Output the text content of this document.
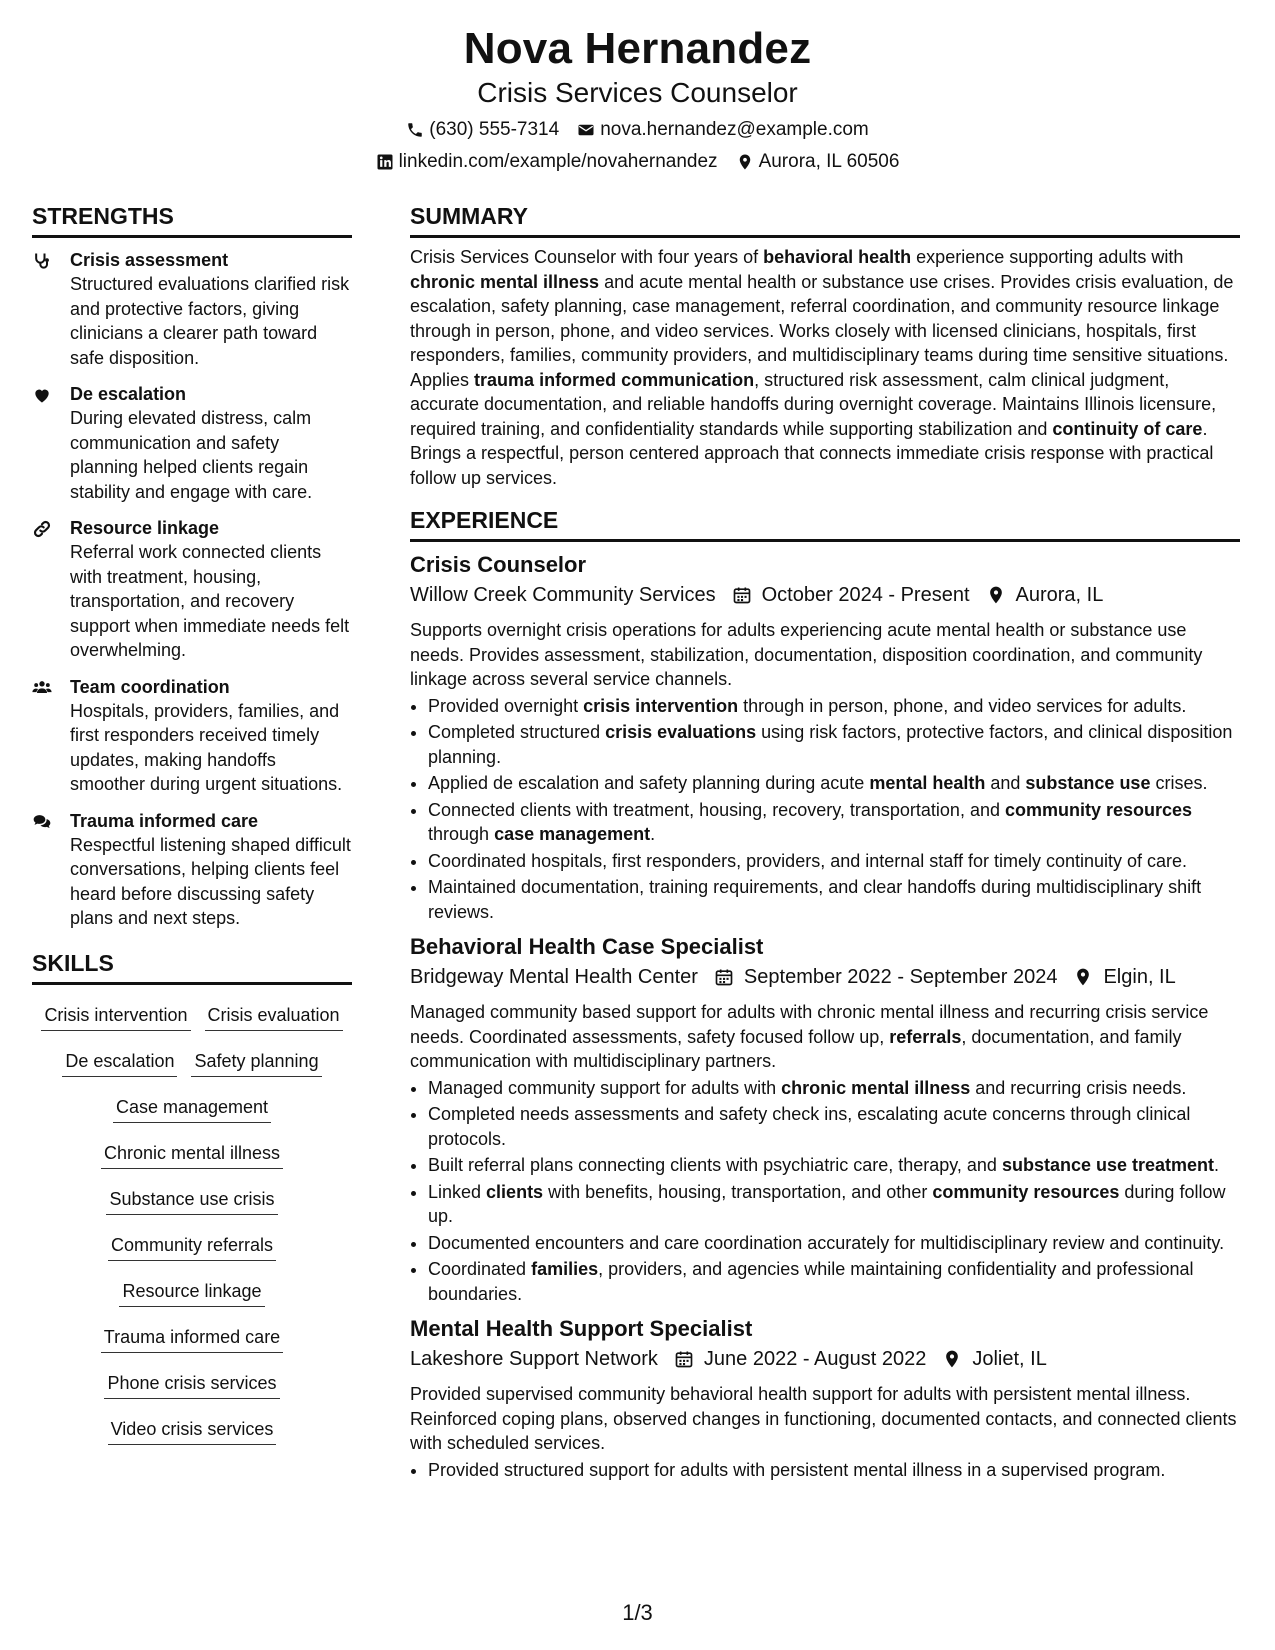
Nova Hernandez
Crisis Services Counselor
(630) 555-7314 nova.hernandez@example.com
linkedin.com/example/novahernandez Aurora, IL 60506
STRENGTHS
Crisis assessment
Structured evaluations clarified risk and protective factors, giving clinicians a clearer path toward safe disposition.
De escalation
During elevated distress, calm communication and safety planning helped clients regain stability and engage with care.
Resource linkage
Referral work connected clients with treatment, housing, transportation, and recovery support when immediate needs felt overwhelming.
Team coordination
Hospitals, providers, families, and first responders received timely updates, making handoffs smoother during urgent situations.
Trauma informed care
Respectful listening shaped difficult conversations, helping clients feel heard before discussing safety plans and next steps.
SKILLS
Crisis intervention Crisis evaluation
De escalation Safety planning
Case management
Chronic mental illness
Substance use crisis
Community referrals
Resource linkage
Trauma informed care
Phone crisis services
Video crisis services
SUMMARY

Crisis Services Counselor with four years of behavioral health experience supporting adults with chronic mental illness and acute mental health or substance use crises. Provides crisis evaluation, de escalation, safety planning, case management, referral coordination, and community resource linkage through in person, phone, and video services. Works closely with licensed clinicians, hospitals, first responders, families, community providers, and multidisciplinary teams during time sensitive situations. Applies trauma informed communication, structured risk assessment, calm clinical judgment, accurate documentation, and reliable handoffs during overnight coverage. Maintains Illinois licensure, required training, and confidentiality standards while supporting stabilization and continuity of care. Brings a respectful, person centered approach that connects immediate crisis response with practical follow up services.

EXPERIENCE
Crisis Counselor
Willow Creek Community Services October 2024 - Present Aurora, IL
Supports overnight crisis operations for adults experiencing acute mental health or substance use needs. Provides assessment, stabilization, documentation, disposition coordination, and community linkage across several service channels.
• Provided overnight crisis intervention through in person, phone, and video services for adults.
• Completed structured crisis evaluations using risk factors, protective factors, and clinical disposition planning.
• Applied de escalation and safety planning during acute mental health and substance use crises.
• Connected clients with treatment, housing, recovery, transportation, and community resources through case management.
• Coordinated hospitals, first responders, providers, and internal staff for timely continuity of care.
• Maintained documentation, training requirements, and clear handoffs during multidisciplinary shift reviews.
Behavioral Health Case Specialist
Bridgeway Mental Health Center September 2022 - September 2024 Elgin, IL
Managed community based support for adults with chronic mental illness and recurring crisis service needs. Coordinated assessments, safety focused follow up, referrals, documentation, and family communication with multidisciplinary partners.
• Managed community support for adults with chronic mental illness and recurring crisis needs.
• Completed needs assessments and safety check ins, escalating acute concerns through clinical protocols.
• Built referral plans connecting clients with psychiatric care, therapy, and substance use treatment.
• Linked clients with benefits, housing, transportation, and other community resources during follow up.
• Documented encounters and care coordination accurately for multidisciplinary review and continuity.
• Coordinated families, providers, and agencies while maintaining confidentiality and professional boundaries.
Mental Health Support Specialist
Lakeshore Support Network June 2022 - August 2022 Joliet, IL
Provided supervised community behavioral health support for adults with persistent mental illness. Reinforced coping plans, observed changes in functioning, documented contacts, and connected clients with scheduled services.
• Provided structured support for adults with persistent mental illness in a supervised program.
1/3
